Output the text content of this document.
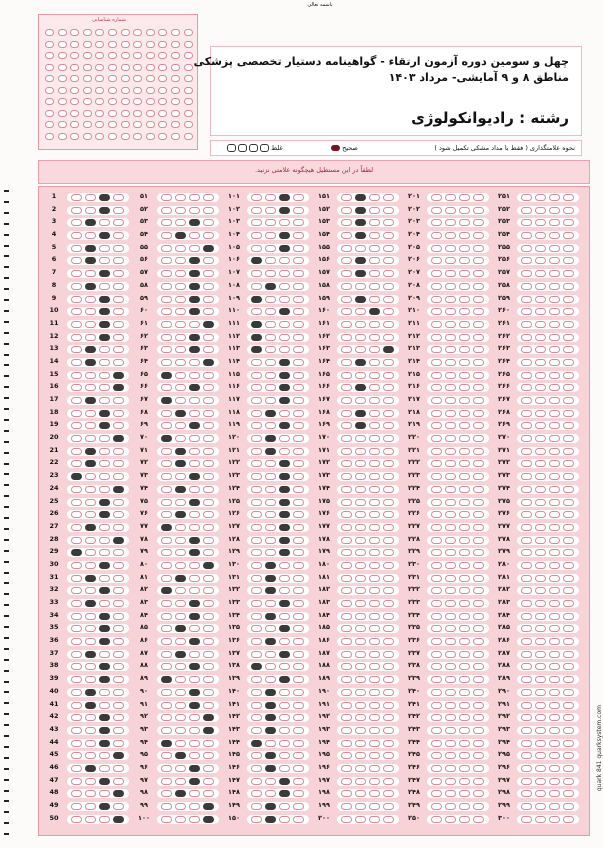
باسمه تعالی
شماره شناسایی
چهل و سومین دوره آزمون ارتقاء - گواهینامه دستیار تخصصی پزشکی
مناطق ۸ و ۹ آمایشی- مرداد ۱۴۰۳
رشته : رادیوانکولوژی
نحوه علامتگذاری ( فقط با مداد مشکی تکمیل شود )
صحیح
غلط
لطفاً در این مستطیل هیچگونه علامتی نزنید.
1
2
3
4
5
6
7
8
9
10
11
12
13
14
15
16
17
18
19
20
21
22
23
24
25
26
27
28
29
30
31
32
33
34
35
36
37
38
39
40
41
42
43
44
45
46
47
48
49
50
۵۱
۵۲
۵۳
۵۴
۵۵
۵۶
۵۷
۵۸
۵۹
۶۰
۶۱
۶۲
۶۳
۶۴
۶۵
۶۶
۶۷
۶۸
۶۹
۷۰
۷۱
۷۲
۷۳
۷۴
۷۵
۷۶
۷۷
۷۸
۷۹
۸۰
۸۱
۸۲
۸۳
۸۴
۸۵
۸۶
۸۷
۸۸
۸۹
۹۰
۹۱
۹۲
۹۳
۹۴
۹۵
۹۶
۹۷
۹۸
۹۹
۱۰۰
۱۰۱
۱۰۲
۱۰۳
۱۰۴
۱۰۵
۱۰۶
۱۰۷
۱۰۸
۱۰۹
۱۱۰
۱۱۱
۱۱۲
۱۱۳
۱۱۴
۱۱۵
۱۱۶
۱۱۷
۱۱۸
۱۱۹
۱۲۰
۱۲۱
۱۲۲
۱۲۳
۱۲۴
۱۲۵
۱۲۶
۱۲۷
۱۲۸
۱۲۹
۱۳۰
۱۳۱
۱۳۲
۱۳۳
۱۳۴
۱۳۵
۱۳۶
۱۳۷
۱۳۸
۱۳۹
۱۴۰
۱۴۱
۱۴۲
۱۴۳
۱۴۴
۱۴۵
۱۴۶
۱۴۷
۱۴۸
۱۴۹
۱۵۰
۱۵۱
۱۵۲
۱۵۳
۱۵۴
۱۵۵
۱۵۶
۱۵۷
۱۵۸
۱۵۹
۱۶۰
۱۶۱
۱۶۲
۱۶۳
۱۶۴
۱۶۵
۱۶۶
۱۶۷
۱۶۸
۱۶۹
۱۷۰
۱۷۱
۱۷۲
۱۷۳
۱۷۴
۱۷۵
۱۷۶
۱۷۷
۱۷۸
۱۷۹
۱۸۰
۱۸۱
۱۸۲
۱۸۳
۱۸۴
۱۸۵
۱۸۶
۱۸۷
۱۸۸
۱۸۹
۱۹۰
۱۹۱
۱۹۲
۱۹۳
۱۹۴
۱۹۵
۱۹۶
۱۹۷
۱۹۸
۱۹۹
۲۰۰
۲۰۱
۲۰۲
۲۰۳
۲۰۴
۲۰۵
۲۰۶
۲۰۷
۲۰۸
۲۰۹
۲۱۰
۲۱۱
۲۱۲
۲۱۳
۲۱۴
۲۱۵
۲۱۶
۲۱۷
۲۱۸
۲۱۹
۲۲۰
۲۲۱
۲۲۲
۲۲۳
۲۲۴
۲۲۵
۲۲۶
۲۲۷
۲۲۸
۲۲۹
۲۳۰
۲۳۱
۲۳۲
۲۳۳
۲۳۴
۲۳۵
۲۳۶
۲۳۷
۲۳۸
۲۳۹
۲۴۰
۲۴۱
۲۴۲
۲۴۳
۲۴۴
۲۴۵
۲۴۶
۲۴۷
۲۴۸
۲۴۹
۲۵۰
۲۵۱
۲۵۲
۲۵۳
۲۵۴
۲۵۵
۲۵۶
۲۵۷
۲۵۸
۲۵۹
۲۶۰
۲۶۱
۲۶۲
۲۶۳
۲۶۴
۲۶۵
۲۶۶
۲۶۷
۲۶۸
۲۶۹
۲۷۰
۲۷۱
۲۷۲
۲۷۳
۲۷۴
۲۷۵
۲۷۶
۲۷۷
۲۷۸
۲۷۹
۲۸۰
۲۸۱
۲۸۲
۲۸۳
۲۸۴
۲۸۵
۲۸۶
۲۸۷
۲۸۸
۲۸۹
۲۹۰
۲۹۱
۲۹۲
۲۹۳
۲۹۴
۲۹۵
۲۹۶
۲۹۷
۲۹۸
۲۹۹
۳۰۰
quark 841 quarksystem.com
